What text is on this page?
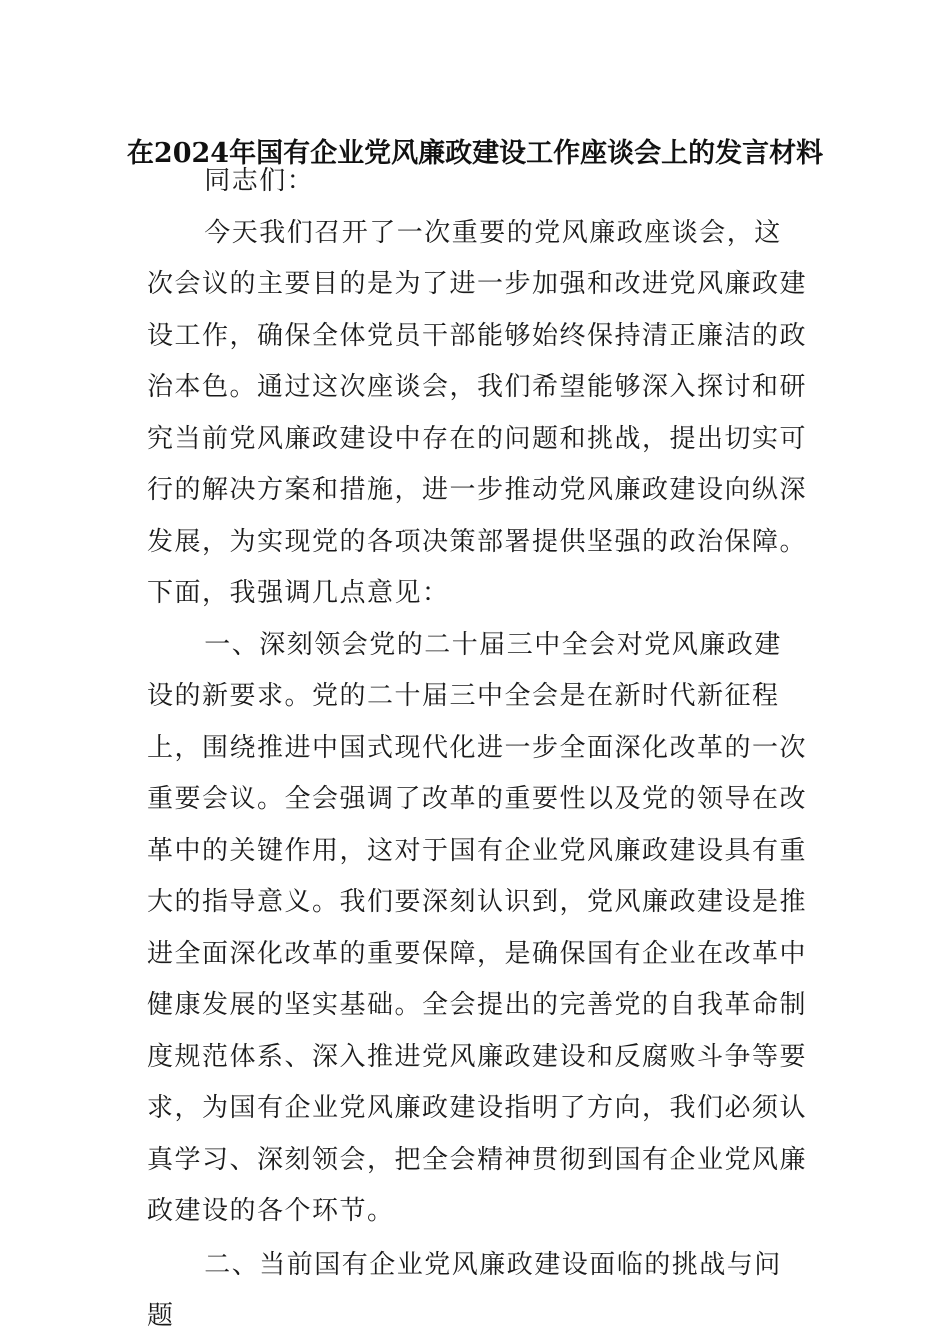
在2024年国有企业党风廉政建设工作座谈会上的发言材料

同志们：

今天我们召开了一次重要的党风廉政座谈会，这次会议的主要目的是为了进一步加强和改进党风廉政建设工作，确保全体党员干部能够始终保持清正廉洁的政治本色。通过这次座谈会，我们希望能够深入探讨和研究当前党风廉政建设中存在的问题和挑战，提出切实可行的解决方案和措施，进一步推动党风廉政建设向纵深发展，为实现党的各项决策部署提供坚强的政治保障。下面，我强调几点意见：

一、深刻领会党的二十届三中全会对党风廉政建设的新要求。党的二十届三中全会是在新时代新征程上，围绕推进中国式现代化进一步全面深化改革的一次重要会议。全会强调了改革的重要性以及党的领导在改革中的关键作用，这对于国有企业党风廉政建设具有重大的指导意义。我们要深刻认识到，党风廉政建设是推进全面深化改革的重要保障，是确保国有企业在改革中健康发展的坚实基础。全会提出的完善党的自我革命制度规范体系、深入推进党风廉政建设和反腐败斗争等要求，为国有企业党风廉政建设指明了方向，我们必须认真学习、深刻领会，把全会精神贯彻到国有企业党风廉政建设的各个环节。

二、当前国有企业党风廉政建设面临的挑战与问题
